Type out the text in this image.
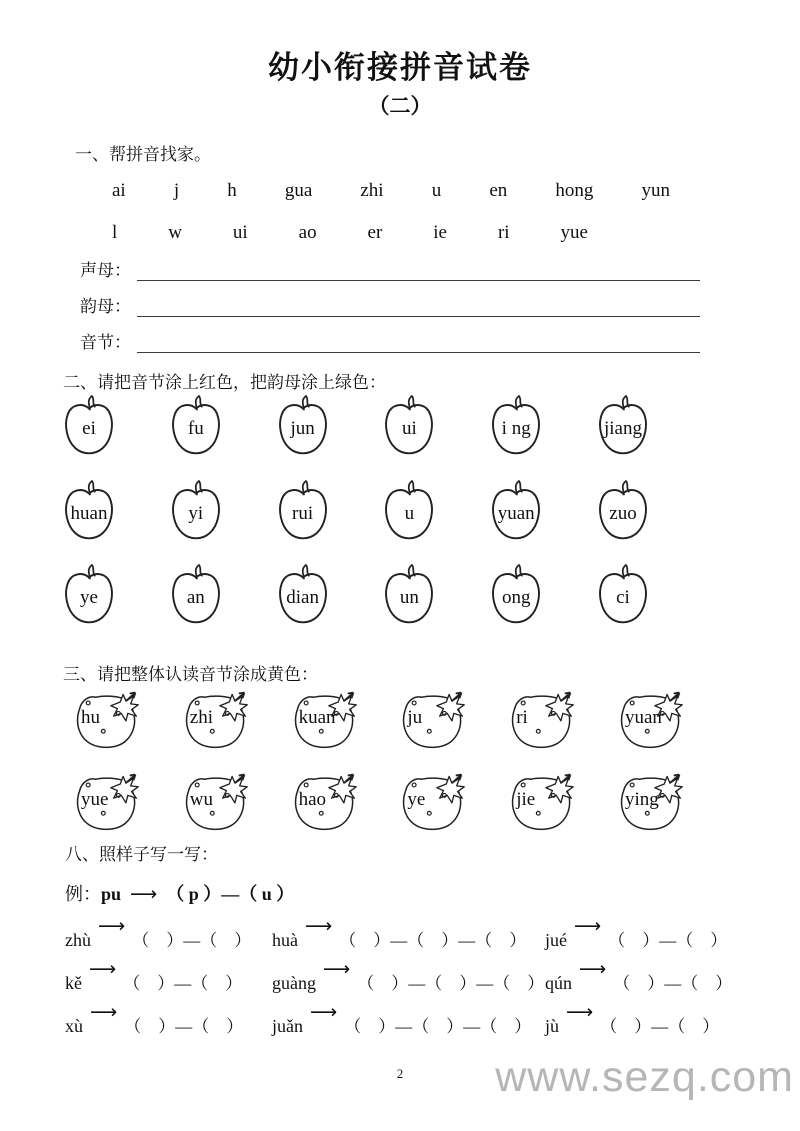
幼小衔接拼音试卷
（二）
一、帮拼音找家。
ai	j	h	gua	zhi	u	en	hong	yun
l	w	ui	ao	er	ie	ri	yue
声母：
韵母：
音节：
二、请把音节涂上红色，把韵母涂上绿色：
ei	fu	jun	ui	i ng	jiang
huan	yi	rui	u	yuan	zuo
ye	an	dian	un	ong	ci
三、请把整体认读音节涂成黄色：
hu	zhi	kuan	ju	ri	yuan
yue	wu	hao	ye	jie	ying
八、照样子写一写：
例：pu ⟶ （ p ）—（ u ）
zhù⟶（　）—（　）	huà⟶（　）—（　）—（　）	jué⟶（　）—（　）
kě⟶（　）—（　）	guàng⟶（　）—（　）—（　） qún⟶（　）—（　）
xù⟶（　）—（　）	juǎn⟶（　）—（　）—（　） jù⟶（　）—（　）
2	www.sezq.com
